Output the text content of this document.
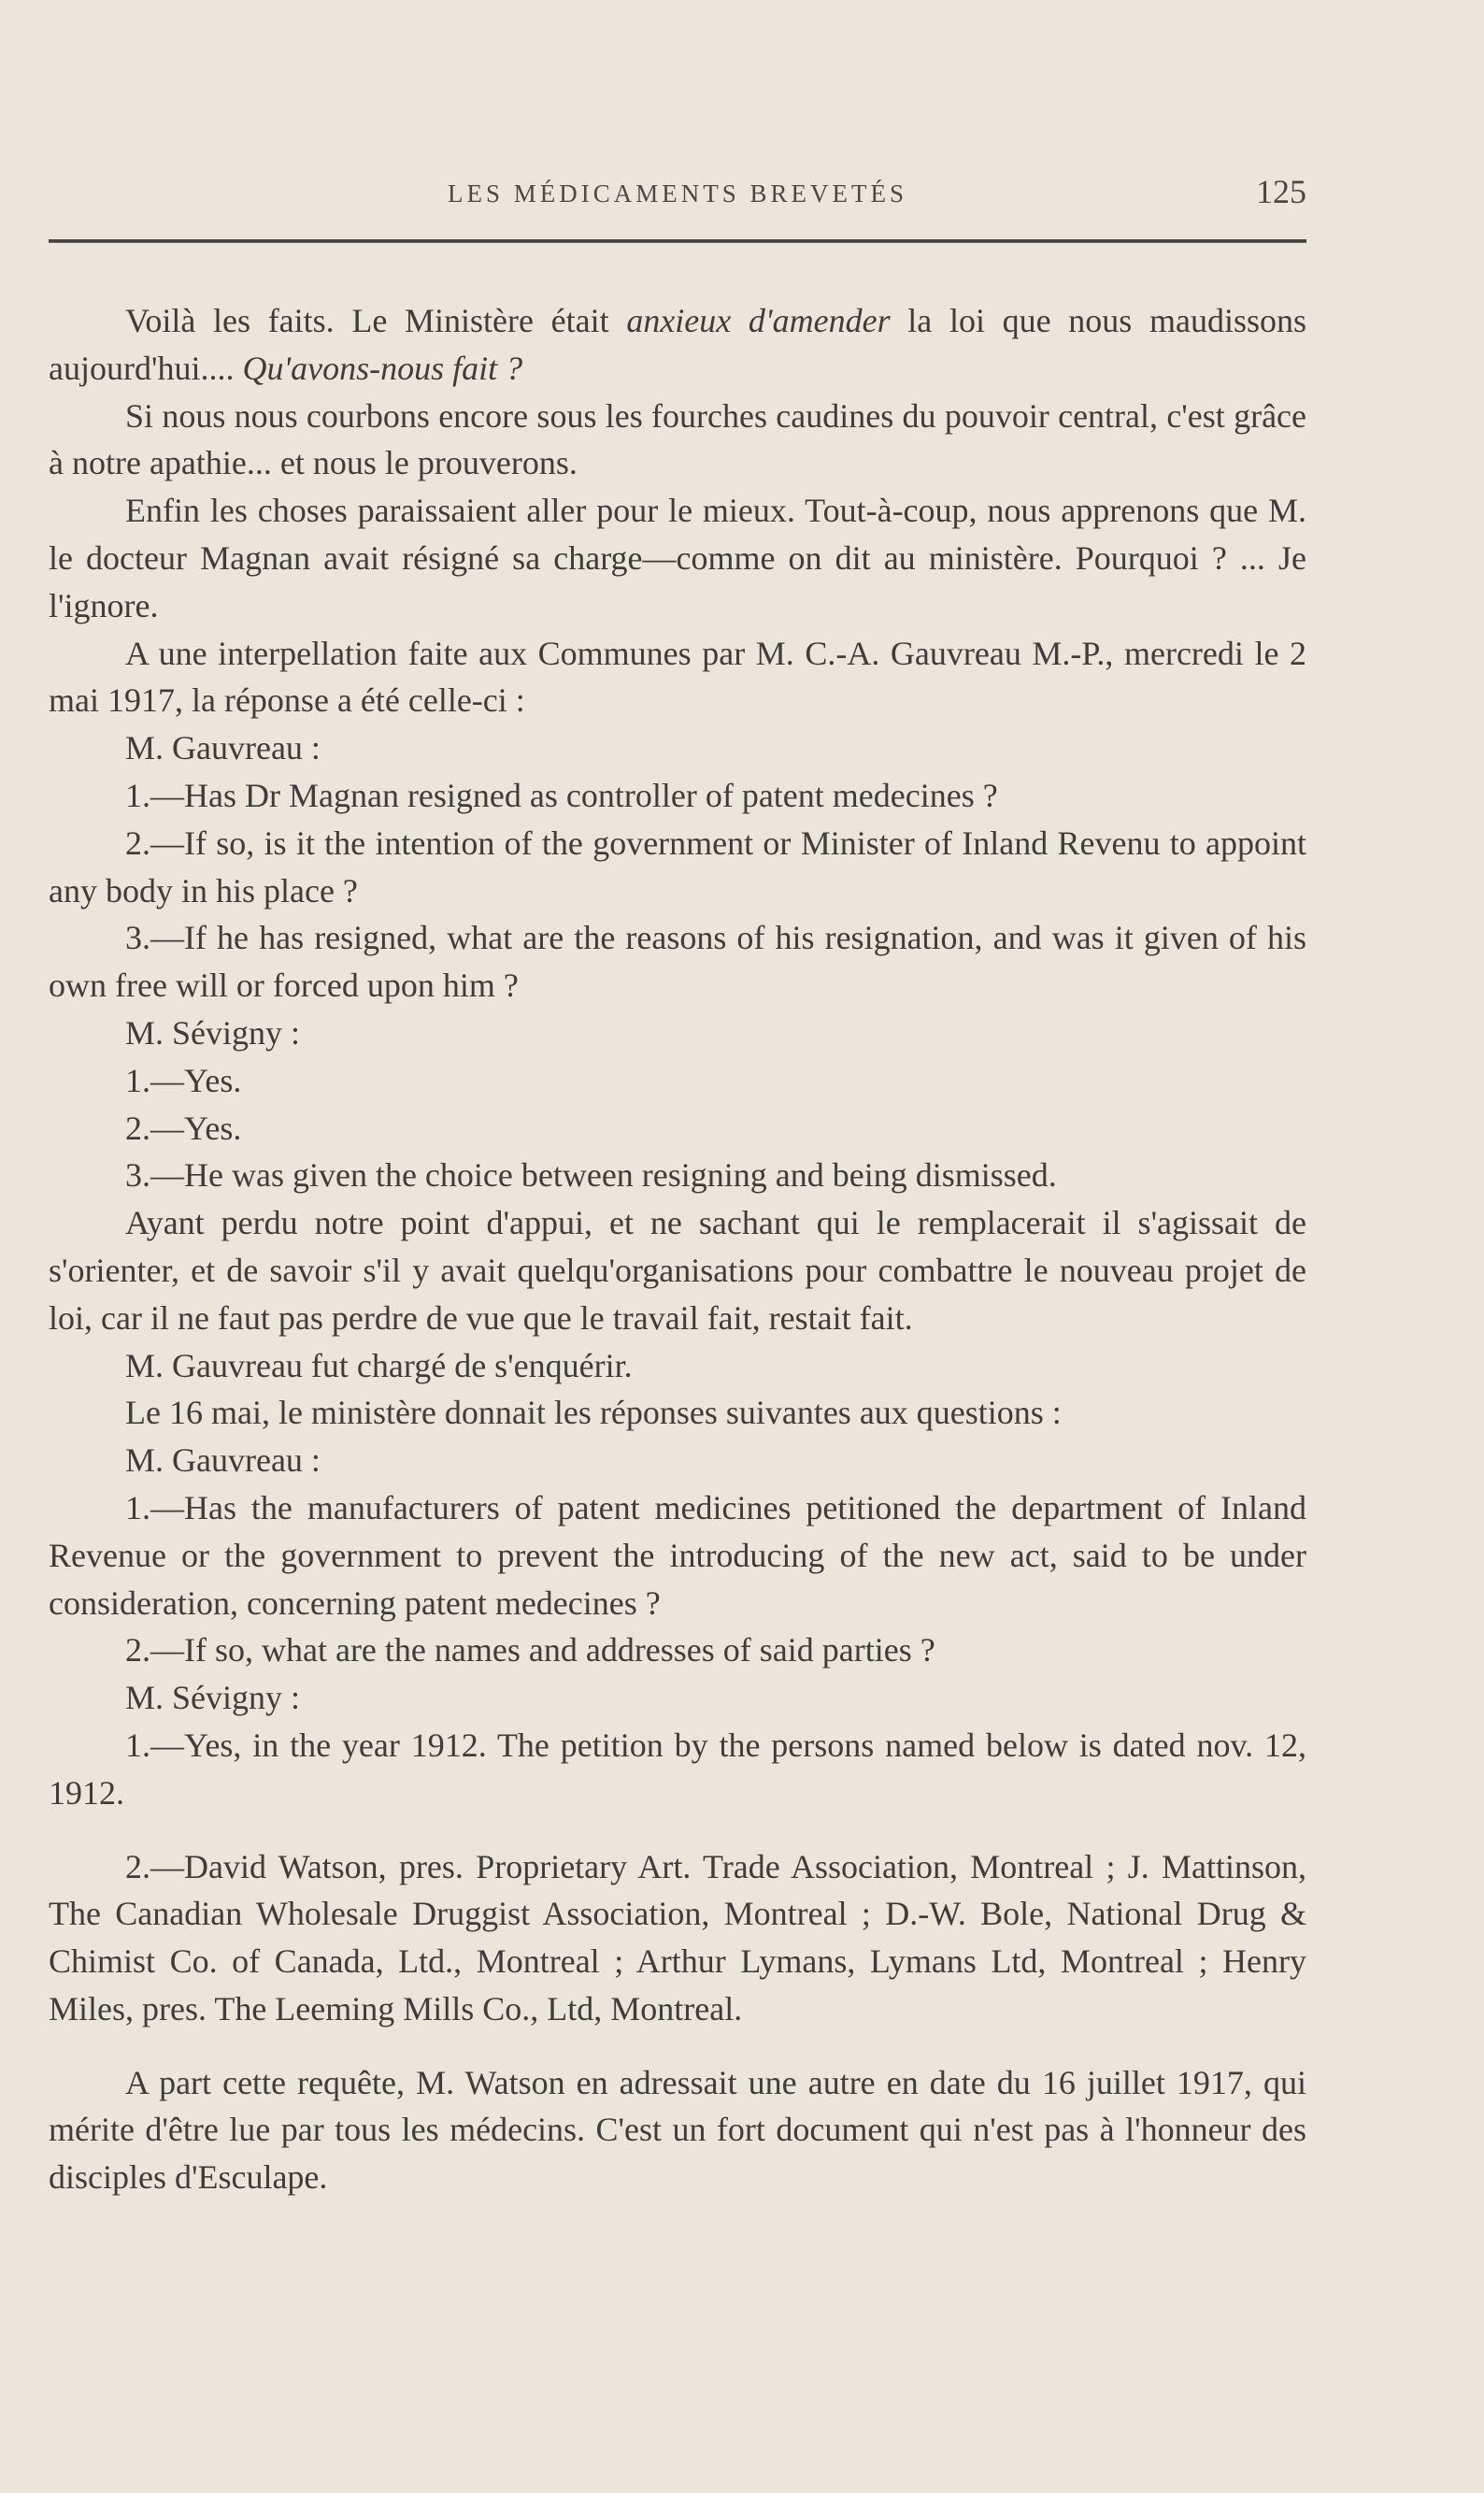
LES MÉDICAMENTS BREVETÉS	125

Voilà les faits. Le Ministère était anxieux d'amender la loi que nous maudissons aujourd'hui.... Qu'avons-nous fait ?

Si nous nous courbons encore sous les fourches caudines du pouvoir central, c'est grâce à notre apathie... et nous le prouverons.

Enfin les choses paraissaient aller pour le mieux. Tout-à-coup, nous apprenons que M. le docteur Magnan avait résigné sa charge—comme on dit au ministère. Pourquoi ? ... Je l'ignore.

A une interpellation faite aux Communes par M. C.-A. Gauvreau M.-P., mercredi le 2 mai 1917, la réponse a été celle-ci :

M. Gauvreau :

1.—Has Dr Magnan resigned as controller of patent medecines ?

2.—If so, is it the intention of the government or Minister of Inland Revenu to appoint any body in his place ?

3.—If he has resigned, what are the reasons of his resignation, and was it given of his own free will or forced upon him ?

M. Sévigny :

1.—Yes.

2.—Yes.

3.—He was given the choice between resigning and being dismissed.

Ayant perdu notre point d'appui, et ne sachant qui le remplacerait il s'agissait de s'orienter, et de savoir s'il y avait quelqu'organisations pour combattre le nouveau projet de loi, car il ne faut pas perdre de vue que le travail fait, restait fait.

M. Gauvreau fut chargé de s'enquérir.

Le 16 mai, le ministère donnait les réponses suivantes aux questions :

M. Gauvreau :

1.—Has the manufacturers of patent medicines petitioned the department of Inland Revenue or the government to prevent the introducing of the new act, said to be under consideration, concerning patent medecines ?

2.—If so, what are the names and addresses of said parties ?

M. Sévigny :

1.—Yes, in the year 1912. The petition by the persons named below is dated nov. 12, 1912.

2.—David Watson, pres. Proprietary Art. Trade Association, Montreal ; J. Mattinson, The Canadian Wholesale Druggist Association, Montreal ; D.-W. Bole, National Drug & Chimist Co. of Canada, Ltd., Montreal ; Arthur Lymans, Lymans Ltd, Montreal ; Henry Miles, pres. The Leeming Mills Co., Ltd, Montreal.

A part cette requête, M. Watson en adressait une autre en date du 16 juillet 1917, qui mérite d'être lue par tous les médecins. C'est un fort document qui n'est pas à l'honneur des disciples d'Esculape.
